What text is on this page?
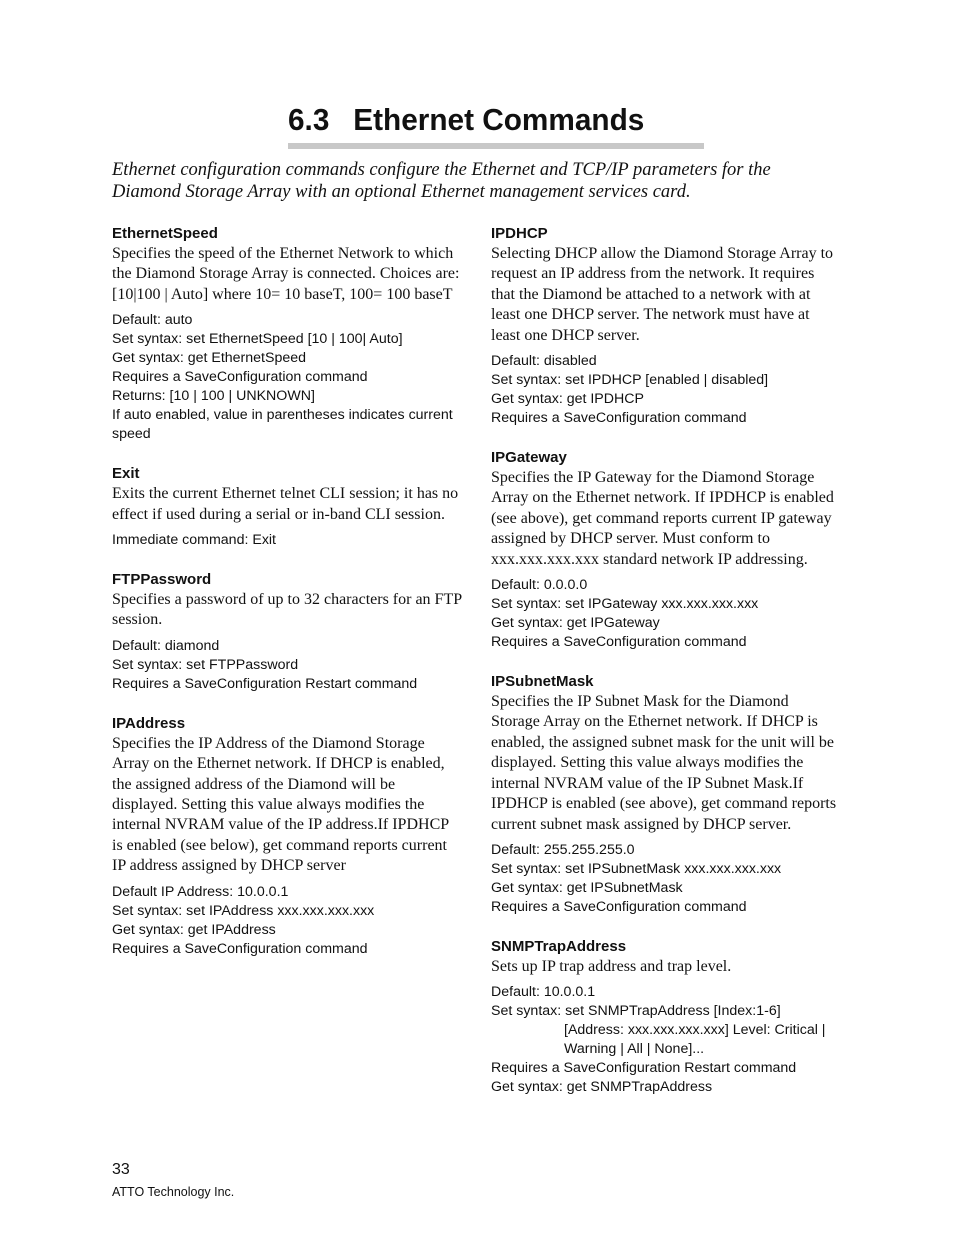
6.3 Ethernet Commands

Ethernet configuration commands configure the Ethernet and TCP/IP parameters for the Diamond Storage Array with an optional Ethernet management services card.

EthernetSpeed

Specifies the speed of the Ethernet Network to which the Diamond Storage Array is connected. Choices are: [10|100 | Auto] where 10= 10 baseT, 100= 100 baseT

Default: auto
Set syntax: set EthernetSpeed [10 | 100| Auto]
Get syntax: get EthernetSpeed
Requires a SaveConfiguration command
Returns: [10 | 100 | UNKNOWN]
If auto enabled, value in parentheses indicates current speed

Exit

Exits the current Ethernet telnet CLI session; it has no effect if used during a serial or in-band CLI session.

Immediate command: Exit

FTPPassword

Specifies a password of up to 32 characters for an FTP session.

Default: diamond
Set syntax: set FTPPassword
Requires a SaveConfiguration Restart command

IPAddress

Specifies the IP Address of the Diamond Storage Array on the Ethernet network. If DHCP is enabled, the assigned address of the Diamond will be displayed. Setting this value always modifies the internal NVRAM value of the IP address.If IPDHCP is enabled (see below), get command reports current IP address assigned by DHCP server

Default IP Address: 10.0.0.1
Set syntax: set IPAddress xxx.xxx.xxx.xxx
Get syntax: get IPAddress
Requires a SaveConfiguration command

IPDHCP

Selecting DHCP allow the Diamond Storage Array to request an IP address from the network. It requires that the Diamond be attached to a network with at least one DHCP server. The network must have at least one DHCP server.

Default: disabled
Set syntax: set IPDHCP [enabled | disabled]
Get syntax: get IPDHCP
Requires a SaveConfiguration command

IPGateway

Specifies the IP Gateway for the Diamond Storage Array on the Ethernet network. If IPDHCP is enabled (see above), get command reports current IP gateway assigned by DHCP server. Must conform to xxx.xxx.xxx.xxx standard network IP addressing.

Default: 0.0.0.0
Set syntax: set IPGateway xxx.xxx.xxx.xxx
Get syntax: get IPGateway
Requires a SaveConfiguration command

IPSubnetMask

Specifies the IP Subnet Mask for the Diamond Storage Array on the Ethernet network. If DHCP is enabled, the assigned subnet mask for the unit will be displayed. Setting this value always modifies the internal NVRAM value of the IP Subnet Mask.If IPDHCP is enabled (see above), get command reports current subnet mask assigned by DHCP server.

Default: 255.255.255.0
Set syntax: set IPSubnetMask xxx.xxx.xxx.xxx
Get syntax: get IPSubnetMask
Requires a SaveConfiguration command

SNMPTrapAddress

Sets up IP trap address and trap level.

Default: 10.0.0.1
Set syntax: set SNMPTrapAddress [Index:1-6] [Address: xxx.xxx.xxx.xxx] Level: Critical | Warning | All | None]...
Requires a SaveConfiguration Restart command
Get syntax: get SNMPTrapAddress
33
ATTO Technology Inc.
